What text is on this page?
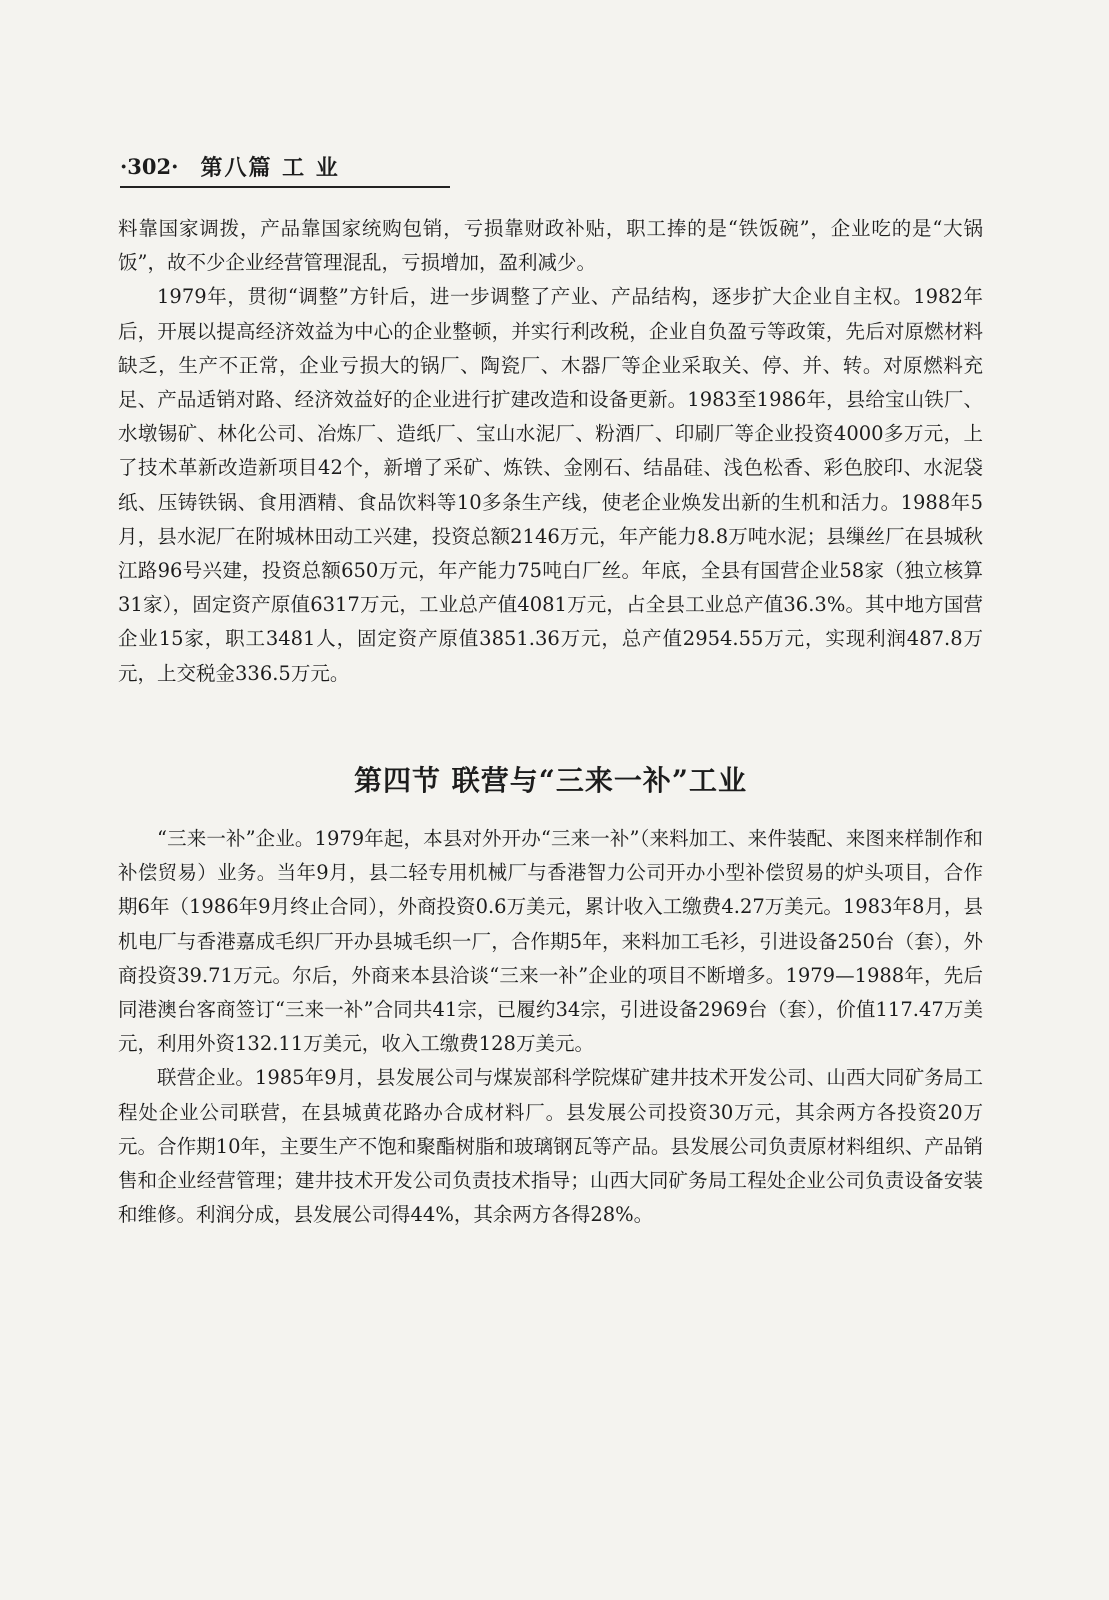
·302· 第八篇 工 业

料靠国家调拨，产品靠国家统购包销，亏损靠财政补贴，职工捧的是“铁饭碗”，企业吃的是“大锅饭”，故不少企业经营管理混乱，亏损增加，盈利减少。

1979年，贯彻“调整”方针后，进一步调整了产业、产品结构，逐步扩大企业自主权。1982年后，开展以提高经济效益为中心的企业整顿，并实行利改税，企业自负盈亏等政策，先后对原燃材料缺乏，生产不正常，企业亏损大的锅厂、陶瓷厂、木器厂等企业采取关、停、并、转。对原燃料充足、产品适销对路、经济效益好的企业进行扩建改造和设备更新。1983至1986年，县给宝山铁厂、水墩锡矿、林化公司、冶炼厂、造纸厂、宝山水泥厂、粉酒厂、印刷厂等企业投资4000多万元，上了技术革新改造新项目42个，新增了采矿、炼铁、金刚石、结晶硅、浅色松香、彩色胶印、水泥袋纸、压铸铁锅、食用酒精、食品饮料等10多条生产线，使老企业焕发出新的生机和活力。1988年5月，县水泥厂在附城林田动工兴建，投资总额2146万元，年产能力8.8万吨水泥；县缫丝厂在县城秋江路96号兴建，投资总额650万元，年产能力75吨白厂丝。年底，全县有国营企业58家（独立核算31家），固定资产原值6317万元，工业总产值4081万元，占全县工业总产值36.3%。其中地方国营企业15家，职工3481人，固定资产原值3851.36万元，总产值2954.55万元，实现利润487.8万元，上交税金336.5万元。

第四节 联营与“三来一补”工业

“三来一补”企业。1979年起，本县对外开办“三来一补”（来料加工、来件装配、来图来样制作和补偿贸易）业务。当年9月，县二轻专用机械厂与香港智力公司开办小型补偿贸易的炉头项目，合作期6年（1986年9月终止合同），外商投资0.6万美元，累计收入工缴费4.27万美元。1983年8月，县机电厂与香港嘉成毛织厂开办县城毛织一厂，合作期5年，来料加工毛衫，引进设备250台（套），外商投资39.71万元。尔后，外商来本县洽谈“三来一补”企业的项目不断增多。1979—1988年，先后同港澳台客商签订“三来一补”合同共41宗，已履约34宗，引进设备2969台（套），价值117.47万美元，利用外资132.11万美元，收入工缴费128万美元。

联营企业。1985年9月，县发展公司与煤炭部科学院煤矿建井技术开发公司、山西大同矿务局工程处企业公司联营，在县城黄花路办合成材料厂。县发展公司投资30万元，其余两方各投资20万元。合作期10年，主要生产不饱和聚酯树脂和玻璃钢瓦等产品。县发展公司负责原材料组织、产品销售和企业经营管理；建井技术开发公司负责技术指导；山西大同矿务局工程处企业公司负责设备安装和维修。利润分成，县发展公司得44%，其余两方各得28%。
